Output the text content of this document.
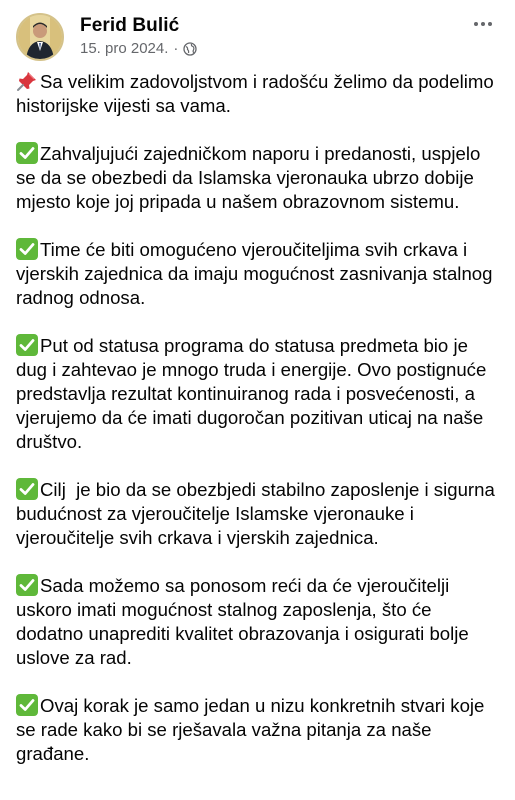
Ferid Bulić
15. pro 2024. ·

Sa velikim zadovoljstvom i radošću želimo da podelimo historijske vijesti sa vama.

Zahvaljujući zajedničkom naporu i predanosti, uspjelo se da se obezbedi da Islamska vjeronauka ubrzo dobije mjesto koje joj pripada u našem obrazovnom sistemu.

Time će biti omogućeno vjeroučiteljima svih crkava i vjerskih zajednica da imaju mogućnost zasnivanja stalnog radnog odnosa.

Put od statusa programa do statusa predmeta bio je dug i zahtevao je mnogo truda i energije. Ovo postignuće predstavlja rezultat kontinuiranog rada i posvećenosti, a vjerujemo da će imati dugoročan pozitivan uticaj na naše društvo.

Cilj  je bio da se obezbjedi stabilno zaposlenje i sigurna budućnost za vjeroučitelje Islamske vjeronauke i vjeroučitelje svih crkava i vjerskih zajednica.

Sada možemo sa ponosom reći da će vjeroučitelji uskoro imati mogućnost stalnog zaposlenja, što će dodatno unaprediti kvalitet obrazovanja i osigurati bolje uslove za rad.

Ovaj korak je samo jedan u nizu konkretnih stvari koje se rade kako bi se rješavala važna pitanja za naše građane.
